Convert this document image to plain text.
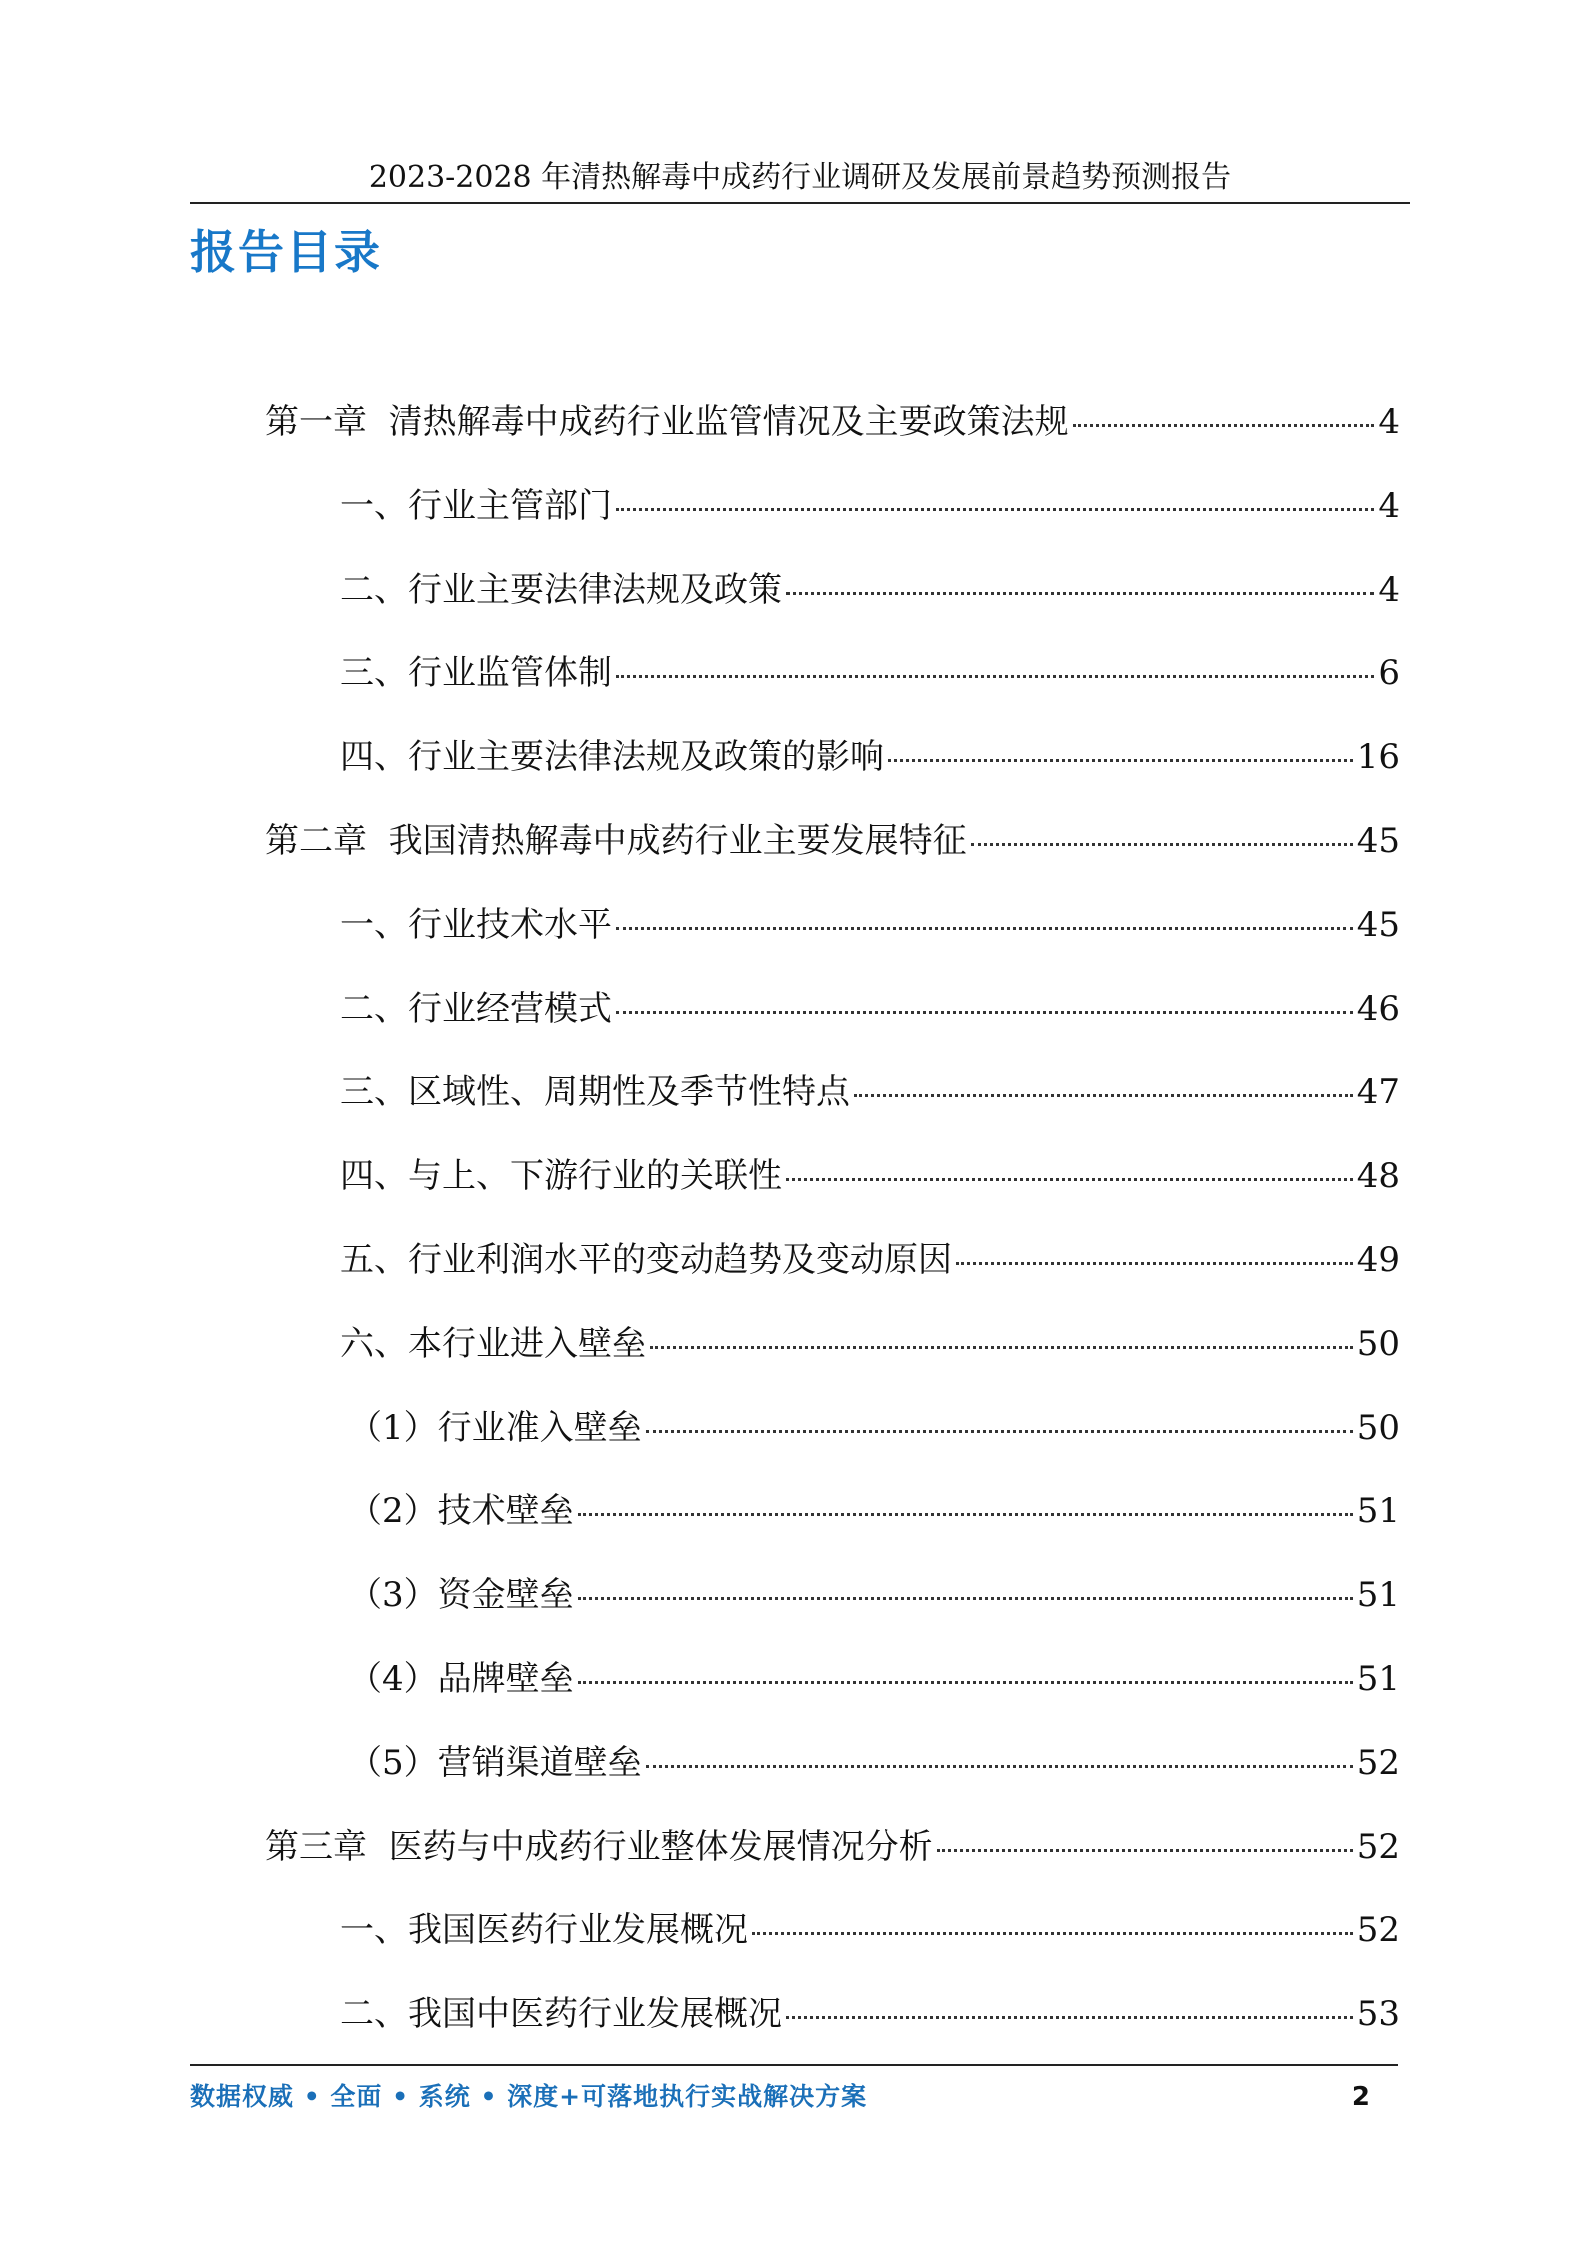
2023-2028 年清热解毒中成药行业调研及发展前景趋势预测报告
报告目录
第一章  清热解毒中成药行业监管情况及主要政策法规	4
一、行业主管部门	4
二、行业主要法律法规及政策	4
三、行业监管体制	6
四、行业主要法律法规及政策的影响	16
第二章  我国清热解毒中成药行业主要发展特征	45
一、行业技术水平	45
二、行业经营模式	46
三、区域性、周期性及季节性特点	47
四、与上、下游行业的关联性	48
五、行业利润水平的变动趋势及变动原因	49
六、本行业进入壁垒	50
（1）行业准入壁垒	50
（2）技术壁垒	51
（3）资金壁垒	51
（4）品牌壁垒	51
（5）营销渠道壁垒	52
第三章  医药与中成药行业整体发展情况分析	52
一、我国医药行业发展概况	52
二、我国中医药行业发展概况	53
数据权威 • 全面 • 系统 • 深度+可落地执行实战解决方案	2
